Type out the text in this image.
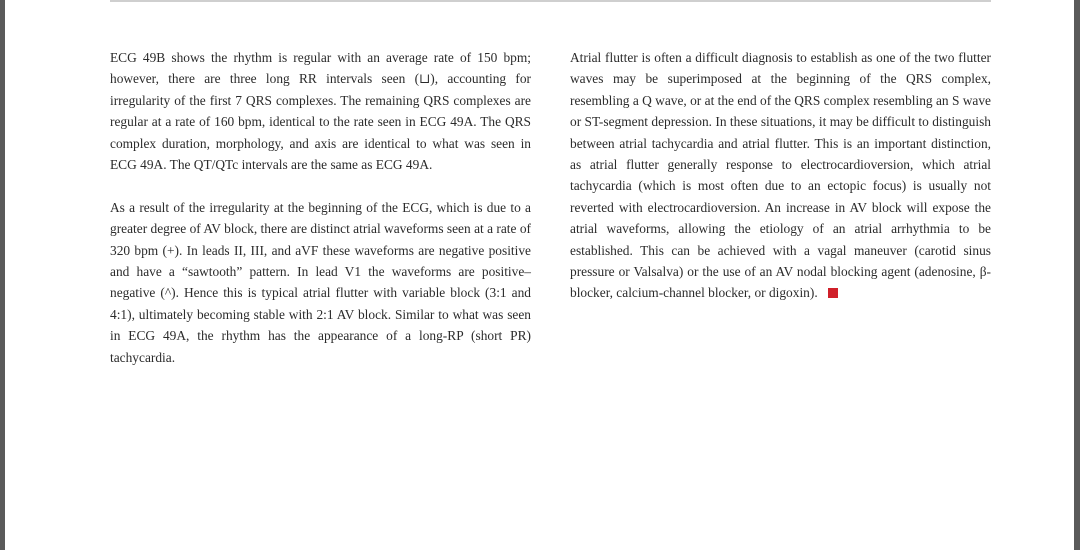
ECG 49B shows the rhythm is regular with an average rate of 150 bpm; however, there are three long RR intervals seen (⊔), accounting for irregularity of the first 7 QRS complexes. The remaining QRS complexes are regular at a rate of 160 bpm, identical to the rate seen in ECG 49A. The QRS complex duration, morphology, and axis are identical to what was seen in ECG 49A. The QT/QTc intervals are the same as ECG 49A.

As a result of the irregularity at the beginning of the ECG, which is due to a greater degree of AV block, there are distinct atrial waveforms seen at a rate of 320 bpm (+). In leads II, III, and aVF these waveforms are negative positive and have a “sawtooth” pattern. In lead V1 the waveforms are positive–negative (^). Hence this is typical atrial flutter with variable block (3:1 and 4:1), ultimately becoming stable with 2:1 AV block. Similar to what was seen in ECG 49A, the rhythm has the appearance of a long-RP (short PR) tachycardia.

Atrial flutter is often a difficult diagnosis to establish as one of the two flutter waves may be superimposed at the beginning of the QRS complex, resembling a Q wave, or at the end of the QRS complex resembling an S wave or ST-segment depression. In these situations, it may be difficult to distinguish between atrial tachycardia and atrial flutter. This is an important distinction, as atrial flutter generally response to electrocardioversion, which atrial tachycardia (which is most often due to an ectopic focus) is usually not reverted with electrocardioversion. An increase in AV block will expose the atrial waveforms, allowing the etiology of an atrial arrhythmia to be established. This can be achieved with a vagal maneuver (carotid sinus pressure or Valsalva) or the use of an AV nodal blocking agent (adenosine, β-blocker, calcium-channel blocker, or digoxin).
